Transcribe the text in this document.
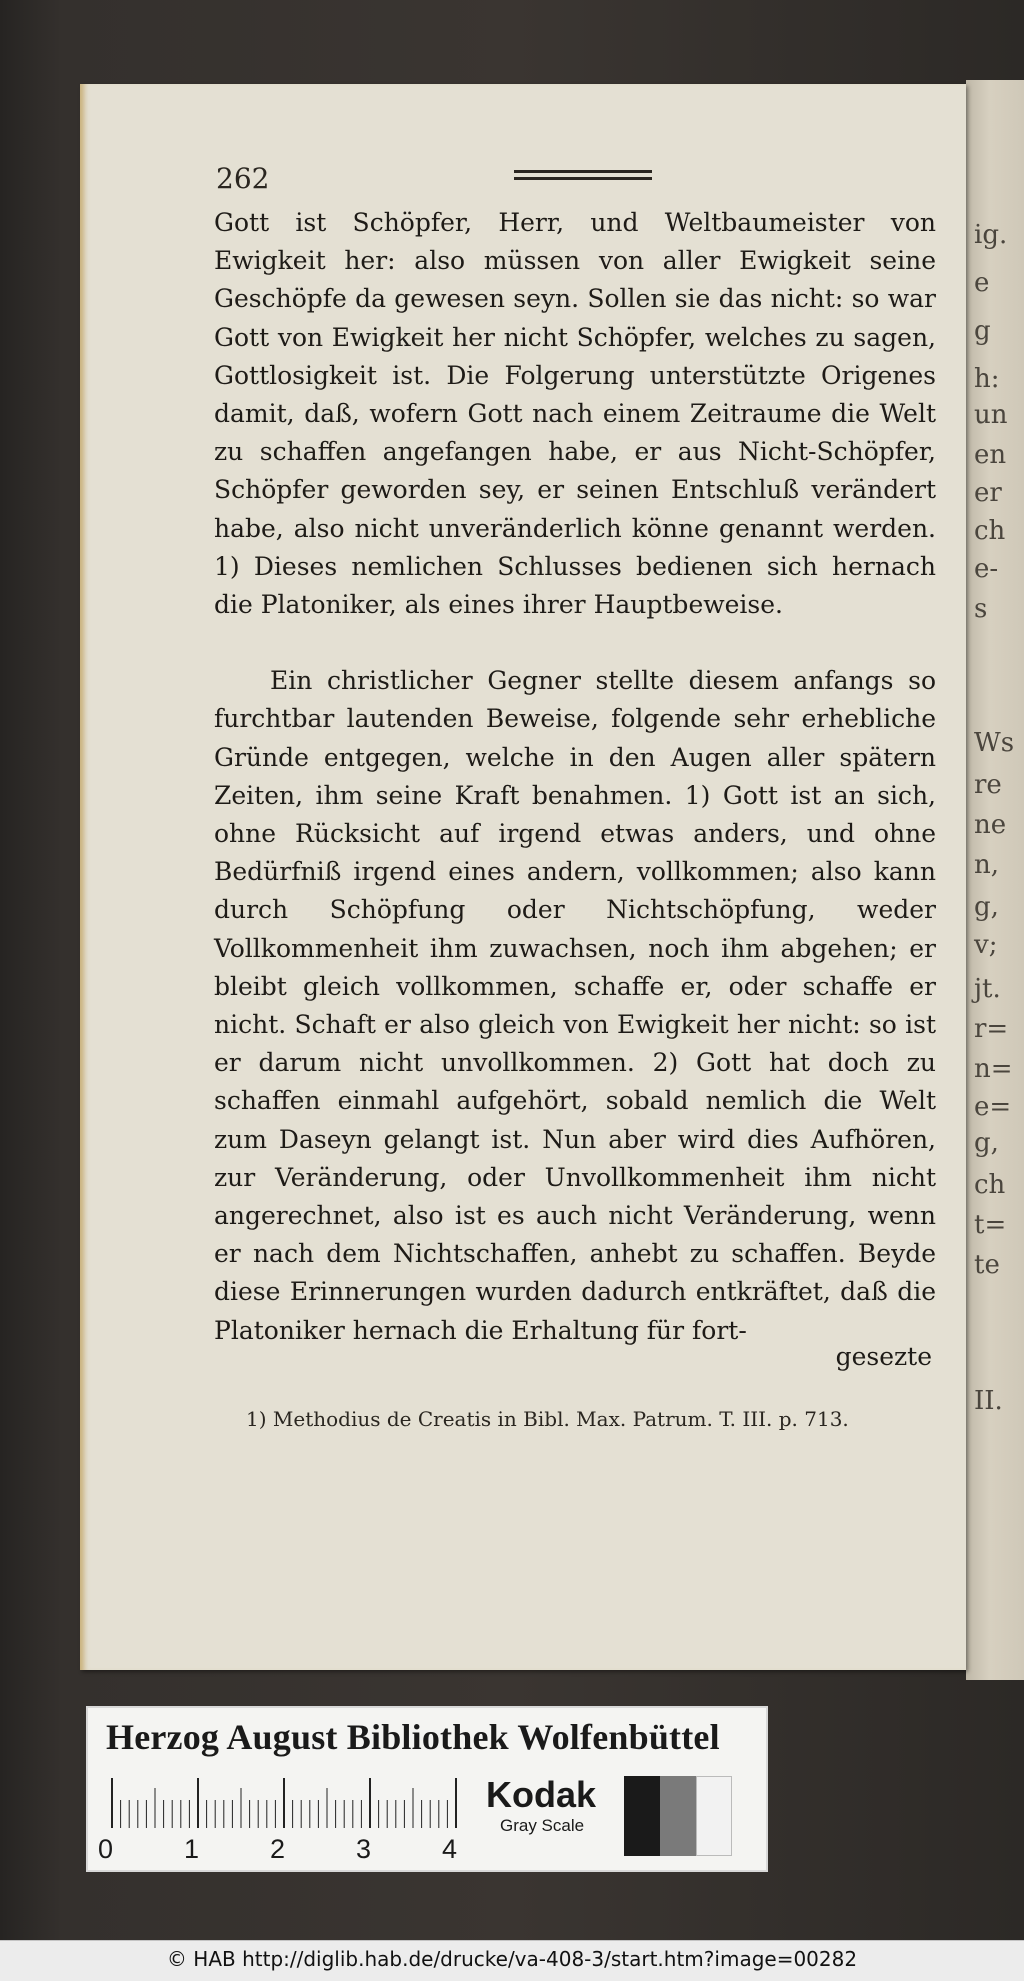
ig.
e
g
h:
un
en
er
ch
e-
s
Ws
re
ne
n,
g,
v;
jt.
r=
n=
e=
g,
ch
t=
te
II.
262

Gott ist Schöpfer, Herr, und Weltbaumeister von Ewigkeit her: also müssen von aller Ewigkeit seine Geschöpfe da gewesen seyn. Sollen sie das nicht: so war Gott von Ewigkeit her nicht Schöpfer, welches zu sagen, Gottlosigkeit ist. Die Folgerung unterstützte Origenes damit, daß, wofern Gott nach einem Zeitraume die Welt zu schaffen angefangen habe, er aus Nicht-Schöpfer, Schöpfer geworden sey, er seinen Entschluß verändert habe, also nicht unveränderlich könne genannt werden. 1) Dieses nemlichen Schlusses bedienen sich hernach die Platoniker, als eines ihrer Hauptbeweise.

Ein christlicher Gegner stellte diesem anfangs so furchtbar lautenden Beweise, folgende sehr erhebliche Gründe entgegen, welche in den Augen aller spätern Zeiten, ihm seine Kraft benahmen. 1) Gott ist an sich, ohne Rücksicht auf irgend etwas anders, und ohne Bedürfniß irgend eines andern, vollkommen; also kann durch Schöpfung oder Nichtschöpfung, weder Vollkommenheit ihm zuwachsen, noch ihm abgehen; er bleibt gleich vollkommen, schaffe er, oder schaffe er nicht. Schaft er also gleich von Ewigkeit her nicht: so ist er darum nicht unvollkommen. 2) Gott hat doch zu schaffen einmahl aufgehört, sobald nemlich die Welt zum Daseyn gelangt ist. Nun aber wird dies Aufhören, zur Veränderung, oder Unvollkommenheit ihm nicht angerechnet, also ist es auch nicht Veränderung, wenn er nach dem Nichtschaffen, anhebt zu schaffen. Beyde diese Erinnerungen wurden dadurch entkräftet, daß die Platoniker hernach die Erhaltung für fort-

gesezte
1) Methodius de Creatis in Bibl. Max. Patrum. T. III. p. 713.
Herzog August Bibliothek Wolfenbüttel
0	1	2	3	4
Kodak
Gray Scale
© HAB http://diglib.hab.de/drucke/va-408-3/start.htm?image=00282
